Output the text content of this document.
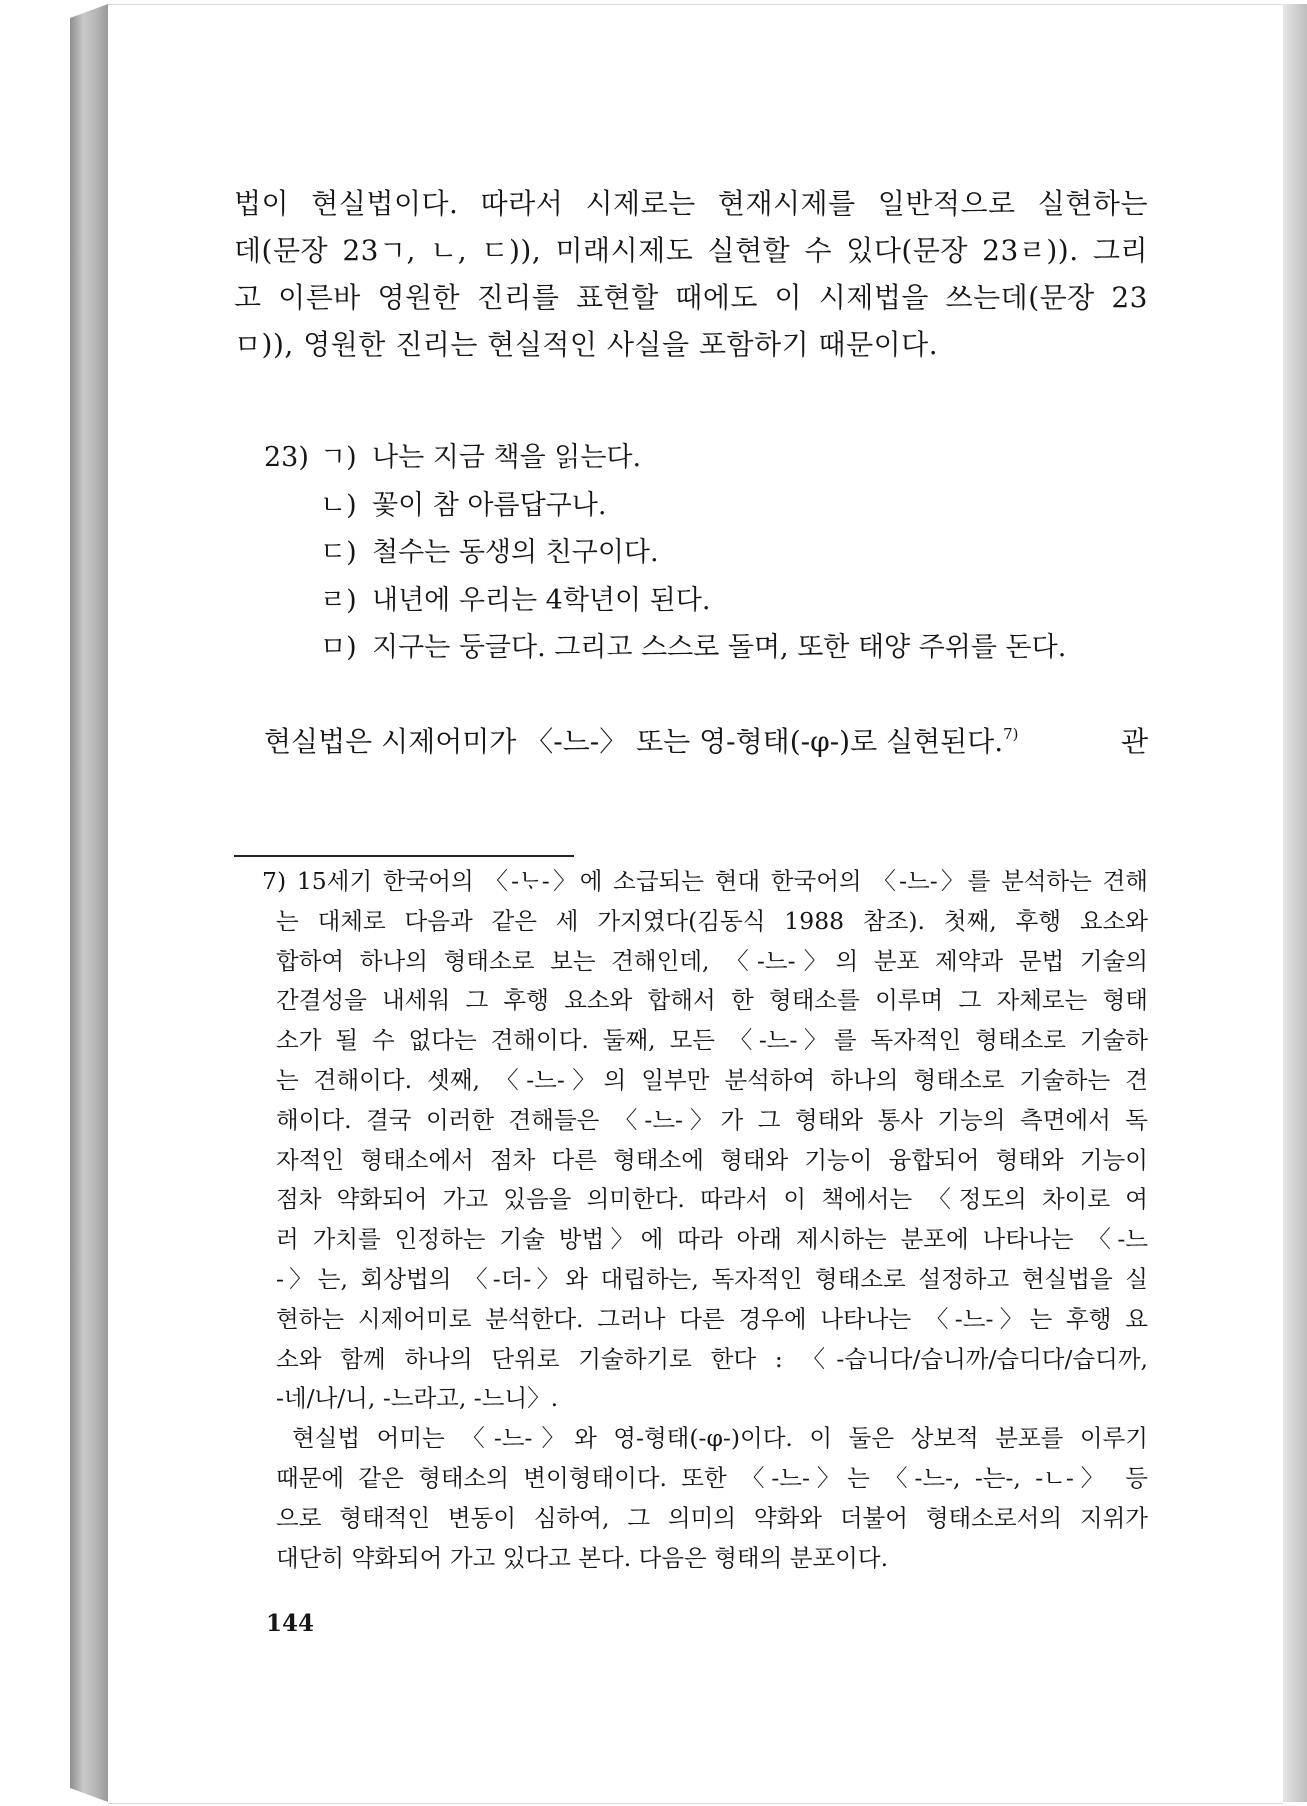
법이 현실법이다. 따라서 시제로는 현재시제를 일반적으로 실현하는
데(문장 23ㄱ, ㄴ, ㄷ)), 미래시제도 실현할 수 있다(문장 23ㄹ)). 그리
고 이른바 영원한 진리를 표현할 때에도 이 시제법을 쓰는데(문장 23
ㅁ)), 영원한 진리는 현실적인 사실을 포함하기 때문이다.
23) ㄱ) 나는 지금 책을 읽는다.
ㄴ) 꽃이 참 아름답구나.
ㄷ) 철수는 동생의 친구이다.
ㄹ) 내년에 우리는 4학년이 된다.
ㅁ) 지구는 둥글다. 그리고 스스로 돌며, 또한 태양 주위를 돈다.
현실법은 시제어미가 〈-느-〉 또는 영-형태(-φ-)로 실현된다.$^{7)}$	관
7) 15세기 한국어의 〈-ᄂᆞ-〉에 소급되는 현대 한국어의 〈-느-〉를 분석하는 견해
는 대체로 다음과 같은 세 가지였다(김동식 1988 참조). 첫째, 후행 요소와
합하여 하나의 형태소로 보는 견해인데, 〈-느-〉의 분포 제약과 문법 기술의
간결성을 내세워 그 후행 요소와 합해서 한 형태소를 이루며 그 자체로는 형태
소가 될 수 없다는 견해이다. 둘째, 모든 〈-느-〉를 독자적인 형태소로 기술하
는 견해이다. 셋째, 〈-느-〉의 일부만 분석하여 하나의 형태소로 기술하는 견
해이다. 결국 이러한 견해들은 〈-느-〉가 그 형태와 통사 기능의 측면에서 독
자적인 형태소에서 점차 다른 형태소에 형태와 기능이 융합되어 형태와 기능이
점차 약화되어 가고 있음을 의미한다. 따라서 이 책에서는 〈정도의 차이로 여
러 가치를 인정하는 기술 방법〉에 따라 아래 제시하는 분포에 나타나는 〈-느
-〉는, 회상법의 〈-더-〉와 대립하는, 독자적인 형태소로 설정하고 현실법을 실
현하는 시제어미로 분석한다. 그러나 다른 경우에 나타나는 〈-느-〉는 후행 요
소와 함께 하나의 단위로 기술하기로 한다 : 〈-습니다/습니까/습디다/습디까,
-네/나/니, -느라고, -느니〉.
현실법 어미는 〈-느-〉와 영-형태(-φ-)이다. 이 둘은 상보적 분포를 이루기
때문에 같은 형태소의 변이형태이다. 또한 〈-느-〉는 〈-느-, -는-, -ㄴ-〉 등
으로 형태적인 변동이 심하여, 그 의미의 약화와 더불어 형태소로서의 지위가
대단히 약화되어 가고 있다고 본다. 다음은 형태의 분포이다.
144
